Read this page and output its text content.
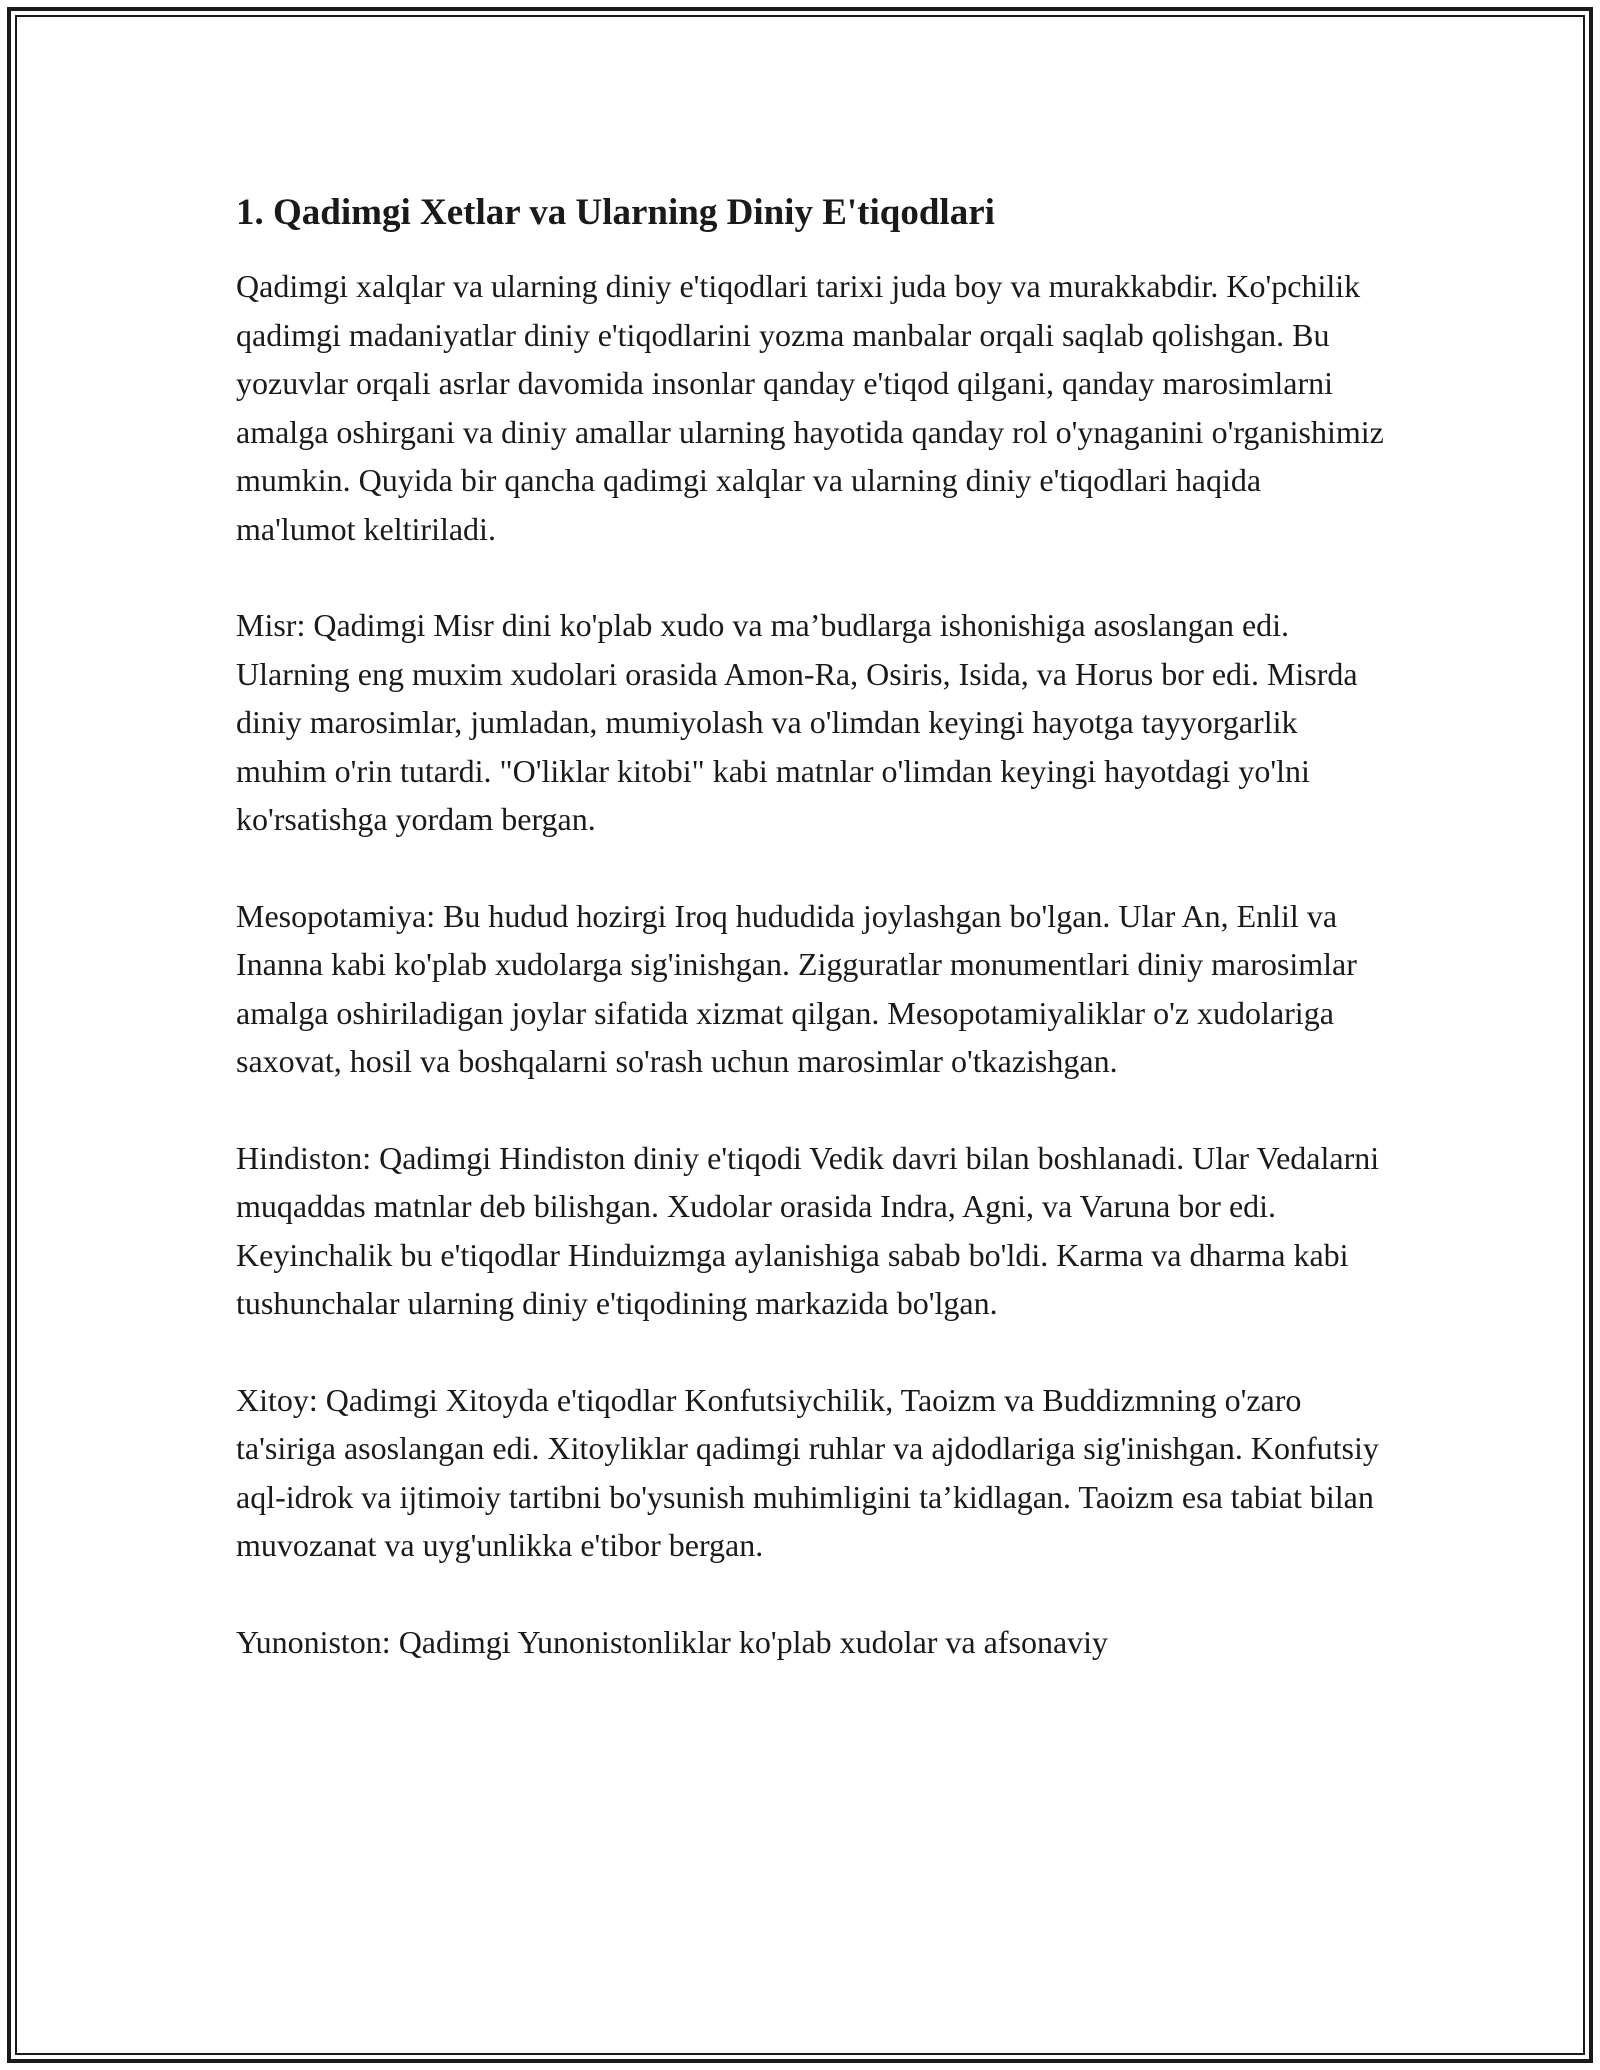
1. Qadimgi Xetlar va Ularning Diniy E'tiqodlari

Qadimgi xalqlar va ularning diniy e'tiqodlari tarixi juda boy va murakkabdir. Ko'pchilik qadimgi madaniyatlar diniy e'tiqodlarini yozma manbalar orqali saqlab qolishgan. Bu yozuvlar orqali asrlar davomida insonlar qanday e'tiqod qilgani, qanday marosimlarni amalga oshirgani va diniy amallar ularning hayotida qanday rol o'ynaganini o'rganishimiz mumkin. Quyida bir qancha qadimgi xalqlar va ularning diniy e'tiqodlari haqida ma'lumot keltiriladi.

Misr: Qadimgi Misr dini ko'plab xudo va ma’budlarga ishonishiga asoslangan edi. Ularning eng muxim xudolari orasida Amon-Ra, Osiris, Isida, va Horus bor edi. Misrda diniy marosimlar, jumladan, mumiyolash va o'limdan keyingi hayotga tayyorgarlik muhim o'rin tutardi. "O'liklar kitobi" kabi matnlar o'limdan keyingi hayotdagi yo'lni ko'rsatishga yordam bergan.

Mesopotamiya: Bu hudud hozirgi Iroq hududida joylashgan bo'lgan. Ular An, Enlil va Inanna kabi ko'plab xudolarga sig'inishgan. Zigguratlar monumentlari diniy marosimlar amalga oshiriladigan joylar sifatida xizmat qilgan. Mesopotamiyaliklar o'z xudolariga saxovat, hosil va boshqalarni so'rash uchun marosimlar o'tkazishgan.

Hindiston: Qadimgi Hindiston diniy e'tiqodi Vedik davri bilan boshlanadi. Ular Vedalarni muqaddas matnlar deb bilishgan. Xudolar orasida Indra, Agni, va Varuna bor edi. Keyinchalik bu e'tiqodlar Hinduizmga aylanishiga sabab bo'ldi. Karma va dharma kabi tushunchalar ularning diniy e'tiqodining markazida bo'lgan.

Xitoy: Qadimgi Xitoyda e'tiqodlar Konfutsiychilik, Taoizm va Buddizmning o'zaro ta'siriga asoslangan edi. Xitoyliklar qadimgi ruhlar va ajdodlariga sig'inishgan. Konfutsiy aql-idrok va ijtimoiy tartibni bo'ysunish muhimligini ta’kidlagan. Taoizm esa tabiat bilan muvozanat va uyg'unlikka e'tibor bergan.

Yunoniston: Qadimgi Yunonistonliklar ko'plab xudolar va afsonaviy
